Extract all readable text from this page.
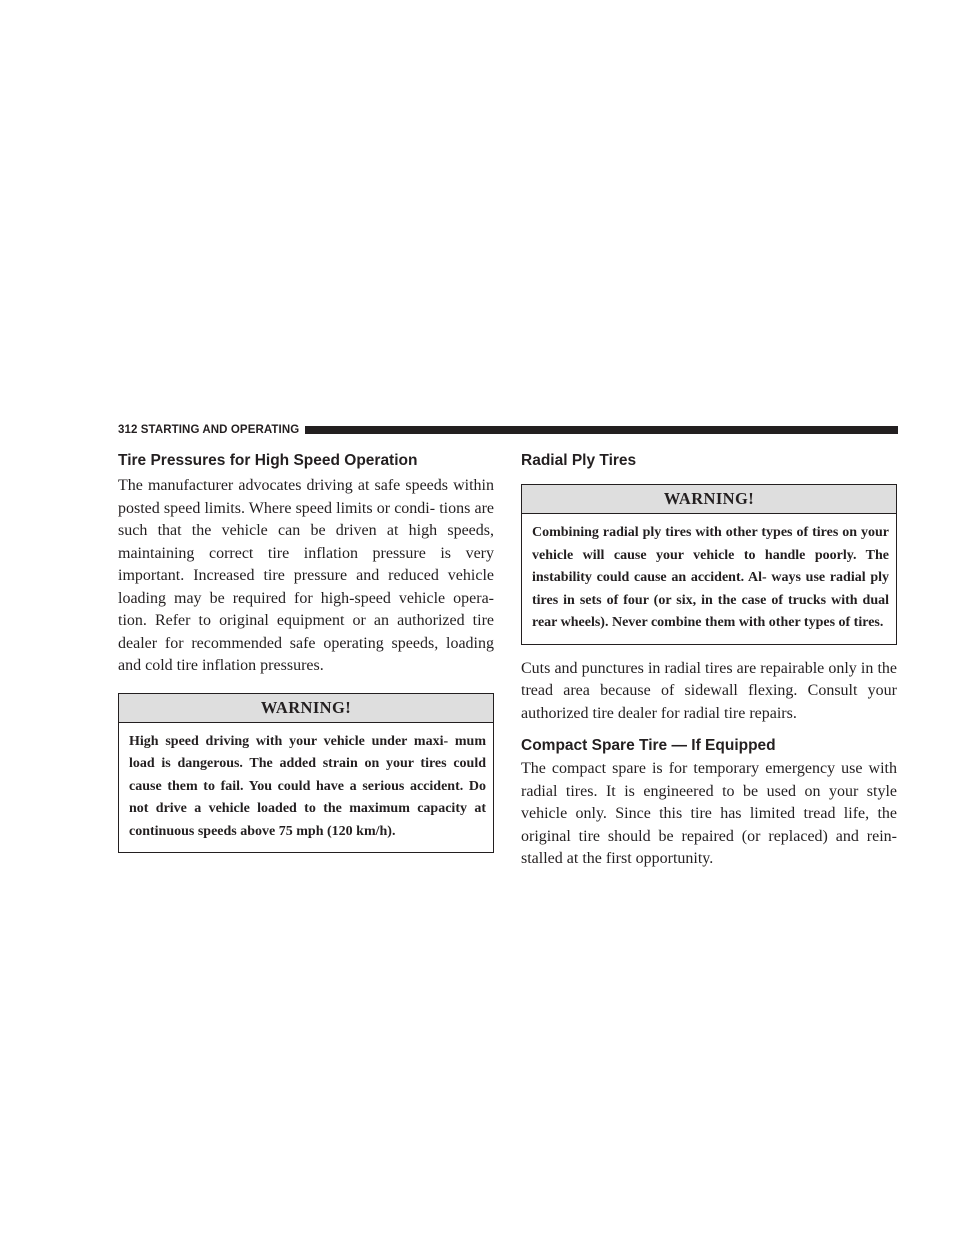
312 STARTING AND OPERATING
Tire Pressures for High Speed Operation

The manufacturer advocates driving at safe speeds within posted speed limits. Where speed limits or condi- tions are such that the vehicle can be driven at high speeds, maintaining correct tire inflation pressure is very important. Increased tire pressure and reduced vehicle loading may be required for high-speed vehicle opera- tion. Refer to original equipment or an authorized tire dealer for recommended safe operating speeds, loading and cold tire inflation pressures.

WARNING!
High speed driving with your vehicle under maxi- mum load is dangerous. The added strain on your tires could cause them to fail. You could have a serious accident. Do not drive a vehicle loaded to the maximum capacity at continuous speeds above 75 mph (120 km/h).
Radial Ply Tires
WARNING!
Combining radial ply tires with other types of tires on your vehicle will cause your vehicle to handle poorly. The instability could cause an accident. Al- ways use radial ply tires in sets of four (or six, in the case of trucks with dual rear wheels). Never combine them with other types of tires.

Cuts and punctures in radial tires are repairable only in the tread area because of sidewall flexing. Consult your authorized tire dealer for radial tire repairs.

Compact Spare Tire — If Equipped

The compact spare is for temporary emergency use with radial tires. It is engineered to be used on your style vehicle only. Since this tire has limited tread life, the original tire should be repaired (or replaced) and rein- stalled at the first opportunity.
